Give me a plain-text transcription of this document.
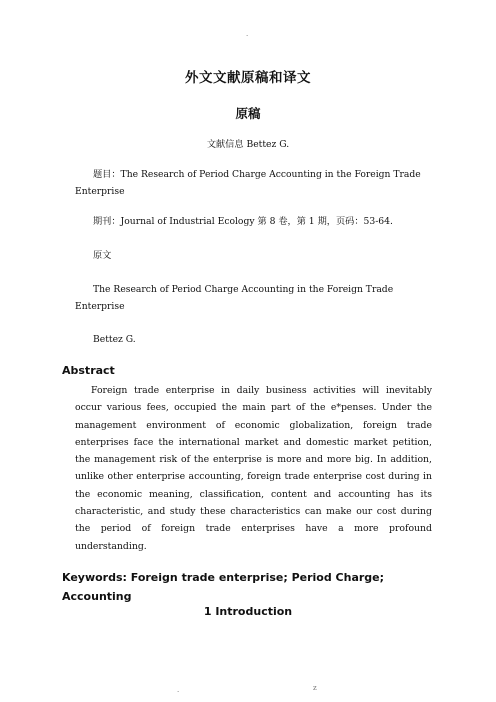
.
外文文献原稿和译文
原稿
文献信息 Bettez G.
题目：The Research of Period Charge Accounting in the Foreign Trade Enterprise
期刊：Journal of Industrial Ecology 第 8 卷，第 1 期，页码：53-64.
原文
The Research of Period Charge Accounting in the Foreign Trade Enterprise
Bettez G.
Abstract
Foreign trade enterprise in daily business activities will inevitably occur various fees, occupied the main part of the e*penses. Under the management environment of economic globalization, foreign trade enterprises face the international market and domestic market petition, the management risk of the enterprise is more and more big. In addition, unlike other enterprise accounting, foreign trade enterprise cost during in the economic meaning, classification, content and accounting has its characteristic, and study these characteristics can make our cost during the period of foreign trade enterprises have a more profound understanding.
Keywords: Foreign trade enterprise; Period Charge; Accounting
1 Introduction
.	z
